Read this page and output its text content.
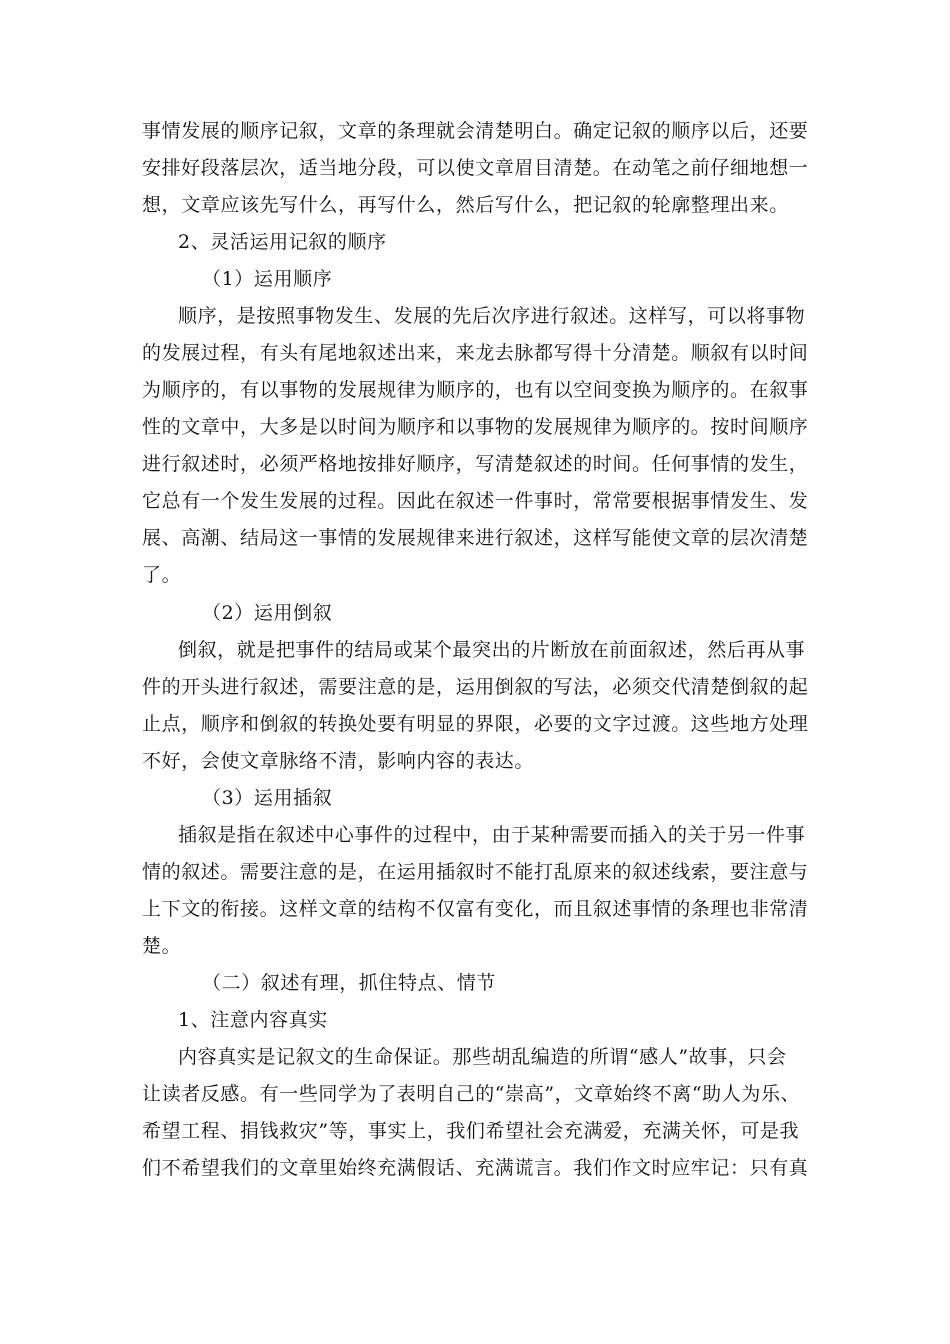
事情发展的顺序记叙，文章的条理就会清楚明白。确定记叙的顺序以后，还要
安排好段落层次，适当地分段，可以使文章眉目清楚。在动笔之前仔细地想一
想，文章应该先写什么，再写什么，然后写什么，把记叙的轮廓整理出来。
2、灵活运用记叙的顺序
（1）运用顺序
顺序，是按照事物发生、发展的先后次序进行叙述。这样写，可以将事物
的发展过程，有头有尾地叙述出来，来龙去脉都写得十分清楚。顺叙有以时间
为顺序的，有以事物的发展规律为顺序的，也有以空间变换为顺序的。在叙事
性的文章中，大多是以时间为顺序和以事物的发展规律为顺序的。按时间顺序
进行叙述时，必须严格地按排好顺序，写清楚叙述的时间。任何事情的发生，
它总有一个发生发展的过程。因此在叙述一件事时，常常要根据事情发生、发
展、高潮、结局这一事情的发展规律来进行叙述，这样写能使文章的层次清楚
了。
（2）运用倒叙
倒叙，就是把事件的结局或某个最突出的片断放在前面叙述，然后再从事
件的开头进行叙述，需要注意的是，运用倒叙的写法，必须交代清楚倒叙的起
止点，顺序和倒叙的转换处要有明显的界限，必要的文字过渡。这些地方处理
不好，会使文章脉络不清，影响内容的表达。
（3）运用插叙
插叙是指在叙述中心事件的过程中，由于某种需要而插入的关于另一件事
情的叙述。需要注意的是，在运用插叙时不能打乱原来的叙述线索，要注意与
上下文的衔接。这样文章的结构不仅富有变化，而且叙述事情的条理也非常清
楚。
（二）叙述有理，抓住特点、情节
1、注意内容真实
内容真实是记叙文的生命保证。那些胡乱编造的所谓“感人”故事，只会
让读者反感。有一些同学为了表明自己的“崇高”，文章始终不离“助人为乐、
希望工程、捐钱救灾”等，事实上，我们希望社会充满爱，充满关怀，可是我
们不希望我们的文章里始终充满假话、充满谎言。我们作文时应牢记：只有真
